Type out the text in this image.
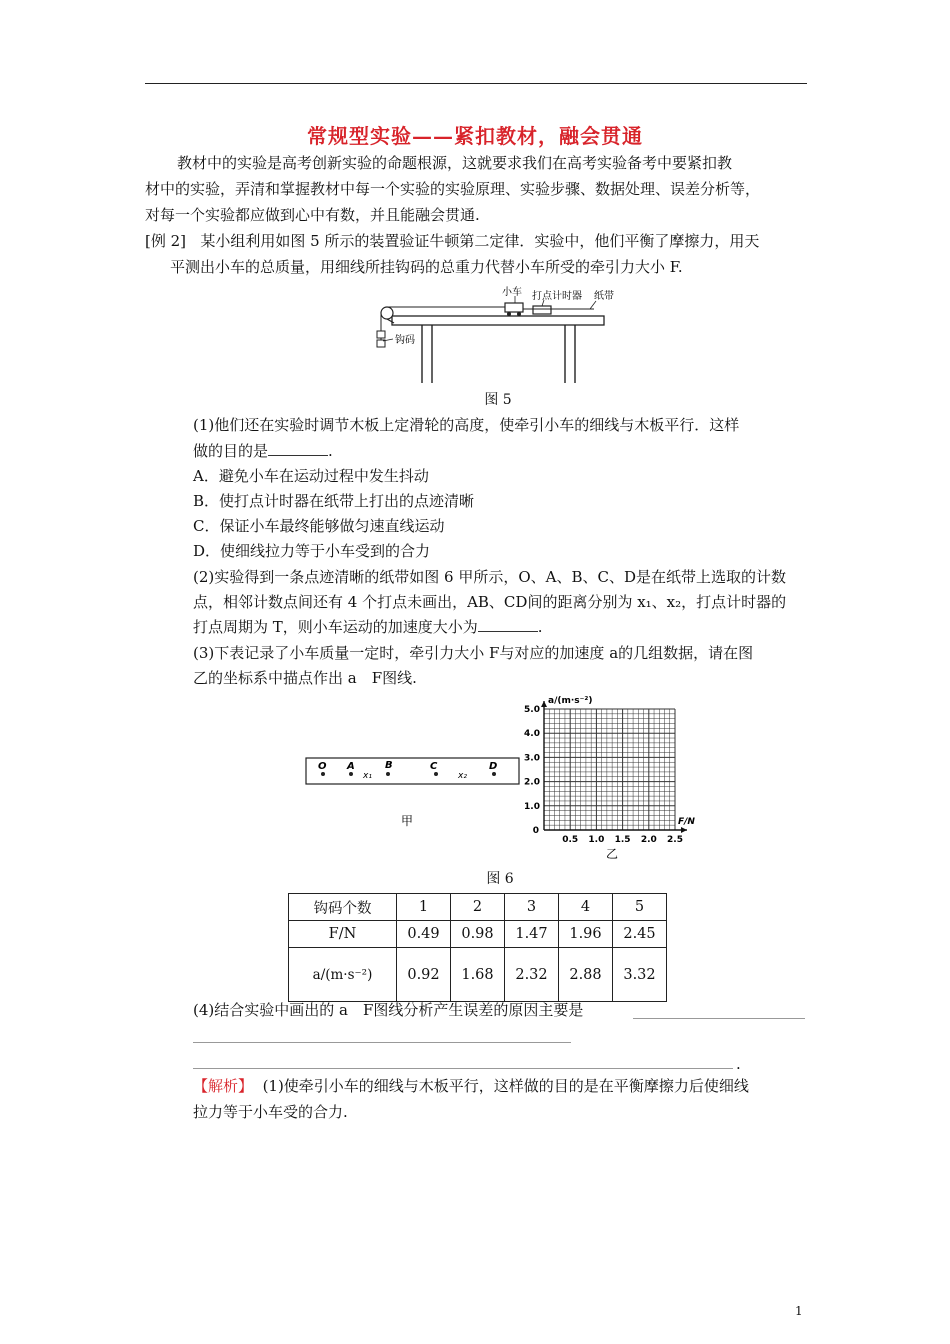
常规型实验——紧扣教材，融会贯通
教材中的实验是高考创新实验的命题根源，这就要求我们在高考实验备考中要紧扣教
材中的实验，弄清和掌握教材中每一个实验的实验原理、实验步骤、数据处理、误差分析等，
对每一个实验都应做到心中有数，并且能融会贯通.
[例 2] 某小组利用如图 5 所示的装置验证牛顿第二定律．实验中，他们平衡了摩擦力，用天
平测出小车的总质量，用细线所挂钩码的总重力代替小车所受的牵引力大小 F.
小车 打点计时器 纸带
钩码
图 5
(1)他们还在实验时调节木板上定滑轮的高度，使牵引小车的细线与木板平行．这样
做的目的是	.
A．避免小车在运动过程中发生抖动
B．使打点计时器在纸带上打出的点迹清晰
C．保证小车最终能够做匀速直线运动
D．使细线拉力等于小车受到的合力
(2)实验得到一条点迹清晰的纸带如图 6 甲所示，O、A、B、C、D是在纸带上选取的计数
点，相邻计数点间还有 4 个打点未画出，AB、CD间的距离分别为 x₁、x₂，打点计时器的
打点周期为 T，则小车运动的加速度大小为	.
(3)下表记录了小车质量一定时，牵引力大小 F与对应的加速度 a的几组数据，请在图
乙的坐标系中描点作出 a　F图线.
O A	B	C	D
x₁	x₂
甲
0.5 1.0 1.5 2.0 2.5
1.0
2.0
3.0
4.0
5.0
0
F/N
a/(m·s⁻²)
乙
图 6
钩码个数	1	2	3	4	5
F/N	0.49	0.98	1.47	1.96	2.45
a/(m·s⁻²)	0.92	1.68	2.32	2.88	3.32
(4)结合实验中画出的 a　F图线分析产生误差的原因主要是
.
【解析】 (1)使牵引小车的细线与木板平行，这样做的目的是在平衡摩擦力后使细线
拉力等于小车受的合力.
1
